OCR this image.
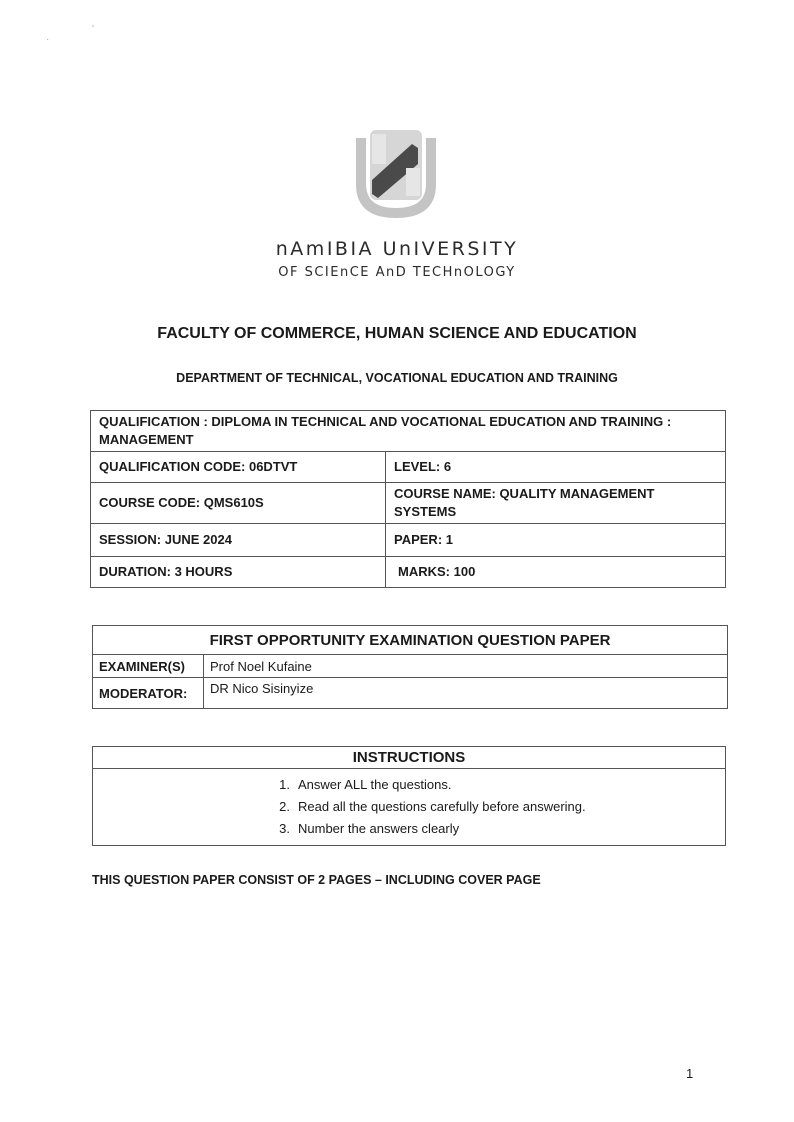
·
'
nAmIBIA UnIVERSITY
OF SCIEnCE AnD TECHnOLOGY
FACULTY OF COMMERCE, HUMAN SCIENCE AND EDUCATION
DEPARTMENT OF TECHNICAL, VOCATIONAL EDUCATION AND TRAINING
QUALIFICATION : DIPLOMA IN TECHNICAL AND VOCATIONAL EDUCATION AND TRAINING : MANAGEMENT	
QUALIFICATION CODE: 06DTVT	LEVEL: 6
COURSE CODE: QMS610S	COURSE NAME: QUALITY MANAGEMENT SYSTEMS
SESSION: JUNE 2024	PAPER: 1
DURATION: 3 HOURS	MARKS: 100
FIRST OPPORTUNITY EXAMINATION QUESTION PAPER	
EXAMINER(S)	Prof Noel Kufaine
MODERATOR:	DR Nico Sisinyize
INSTRUCTIONS

1. Answer ALL the questions.
2. Read all the questions carefully before answering.
3. Number the answers clearly
THIS QUESTION PAPER CONSIST OF 2 PAGES – INCLUDING COVER PAGE
1
